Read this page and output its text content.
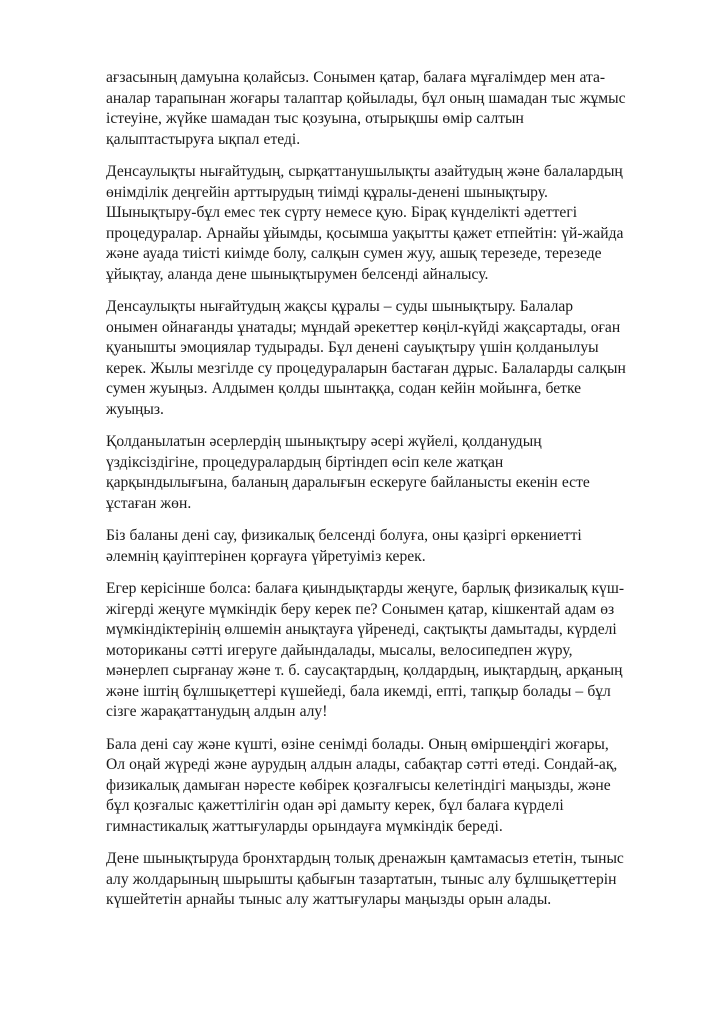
ағзасының дамуына қолайсыз. Сонымен қатар, балаға мұғалімдер мен ата-аналар тарапынан жоғары талаптар қойылады, бұл оның шамадан тыс жұмыс істеуіне, жүйке шамадан тыс қозуына, отырықшы өмір салтын қалыптастыруға ықпал етеді.

Денсаулықты нығайтудың, сырқаттанушылықты азайтудың және балалардың өнімділік деңгейін арттырудың тиімді құралы-денені шынықтыру. Шынықтыру-бұл емес тек сүрту немесе қую. Бірақ күнделікті әдеттегі процедуралар. Арнайы ұйымды, қосымша уақытты қажет етпейтін: үй-жайда және ауада тиісті киімде болу, салқын сумен жуу, ашық терезеде, терезеде ұйықтау, аланда дене шынықтырумен белсенді айналысу.

Денсаулықты нығайтудың жақсы құралы – суды шынықтыру. Балалар онымен ойнағанды ұнатады; мұндай әрекеттер көңіл-күйді жақсартады, оған қуанышты эмоциялар тудырады. Бұл денені сауықтыру үшін қолданылуы керек. Жылы мезгілде су процедураларын бастаған дұрыс. Балаларды салқын сумен жуыңыз. Алдымен қолды шынтаққа, содан кейін мойынға, бетке жуыңыз.

Қолданылатын әсерлердің шынықтыру әсері жүйелі, қолданудың үздіксіздігіне, процедуралардың біртіндеп өсіп келе жатқан қарқындылығына, баланың даралығын ескеруге байланысты екенін есте ұстаған жөн.

Біз баланы дені сау, физикалық белсенді болуға, оны қазіргі өркениетті әлемнің қауіптерінен қорғауға үйретуіміз керек.

Егер керісінше болса: балаға қиындықтарды жеңуге, барлық физикалық күш-жігерді жеңуге мүмкіндік беру керек пе? Сонымен қатар, кішкентай адам өз мүмкіндіктерінің өлшемін анықтауға үйренеді, сақтықты дамытады, күрделі моториканы сәтті игеруге дайындалады, мысалы, велосипедпен жүру, мәнерлеп сырғанау және т. б. саусақтардың, қолдардың, иықтардың, арқаның және іштің бұлшықеттері күшейеді, бала икемді, епті, тапқыр болады – бұл сізге жарақаттанудың алдын алу!

Бала дені сау және күшті, өзіне сенімді болады. Оның өміршеңдігі жоғары, Ол оңай жүреді және аурудың алдын алады, сабақтар сәтті өтеді. Сондай-ақ, физикалық дамыған нәресте көбірек қозғалғысы келетіндігі маңызды, және бұл қозғалыс қажеттілігін одан әрі дамыту керек, бұл балаға күрделі гимнастикалық жаттығуларды орындауға мүмкіндік береді.

Дене шынықтыруда бронхтардың толық дренажын қамтамасыз ететін, тыныс алу жолдарының шырышты қабығын тазартатын, тыныс алу бұлшықеттерін күшейтетін арнайы тыныс алу жаттығулары маңызды орын алады.
